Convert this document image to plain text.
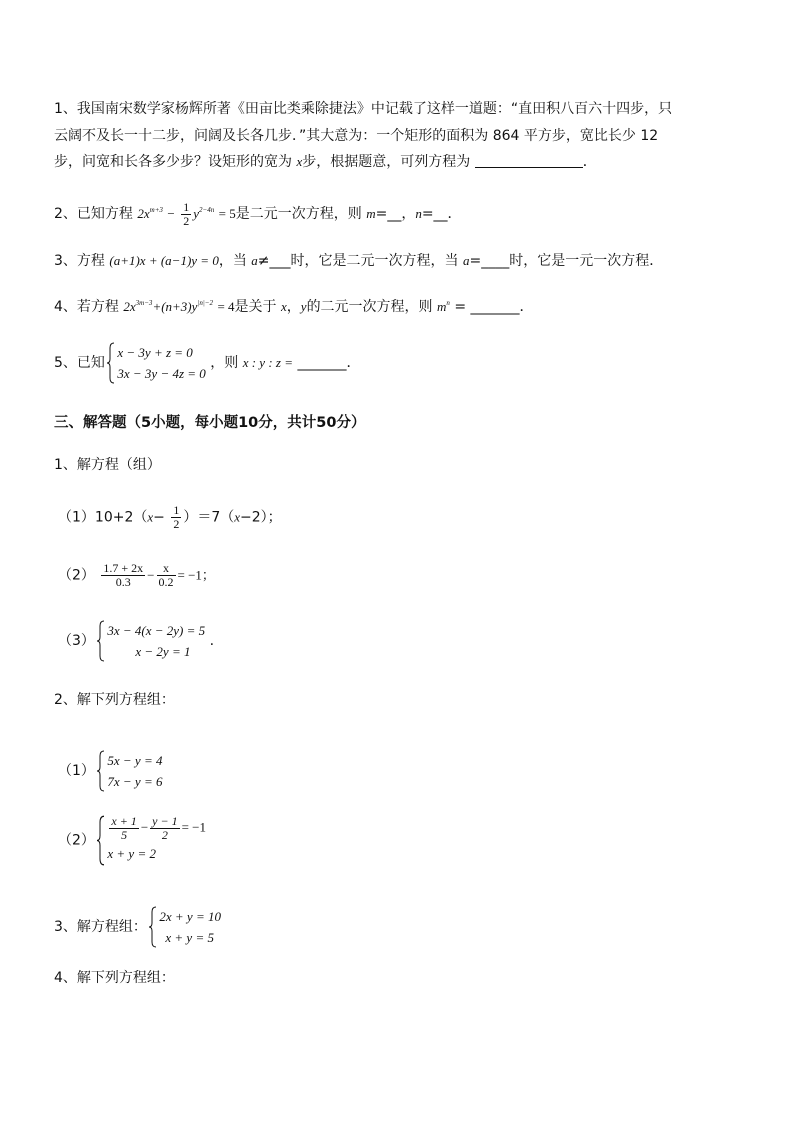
1、我国南宋数学家杨辉所著《田亩比类乘除捷法》中记载了这样一道题：“直田积八百六十四步，只
云阔不及长一十二步，问阔及长各几步．”其大意为：一个矩形的面积为 864 平方步，宽比长少 12
步，问宽和长各多少步？设矩形的宽为 x步，根据题意，可列方程为	．
2、已知方程 $2x^{m+3} - \frac{1}{2} y^{2-4n} = 5$是二元一次方程，则 m=__，n=__．
3、方程 (a+1)x + (a−1)y = 0，当 a≠___时，它是二元一次方程，当 a=____时，它是一元一次方程．
4、若方程 $2x^{3m-3}+(n+3)y^{|n|-2} = 4$是关于 x，y的二元一次方程，则 $m^n$ = _______．
5、已知
x − 3y + z = 0
3x − 3y − 4z = 0
，则 x : y : z = _______．
三、解答题（5小题，每小题10分，共计50分）
1、解方程（组）
$(1)10+2(x- \frac{1}{2} )=7(x-2)$；
$(2) \frac{1.7 + 2x}{0.3} - \frac{x}{0.2} = -1$；
（3）
3x − 4(x − 2y) = 5
x − 2y = 1
.
2、解下列方程组：
（1）
5x − y = 4
7x − y = 6
$(2) \frac{x + 1}{5} - \frac{y - 1}{2} = -1$
x + y = 2
3、解方程组：
2x + y = 10
x + y = 5
4、解下列方程组：
